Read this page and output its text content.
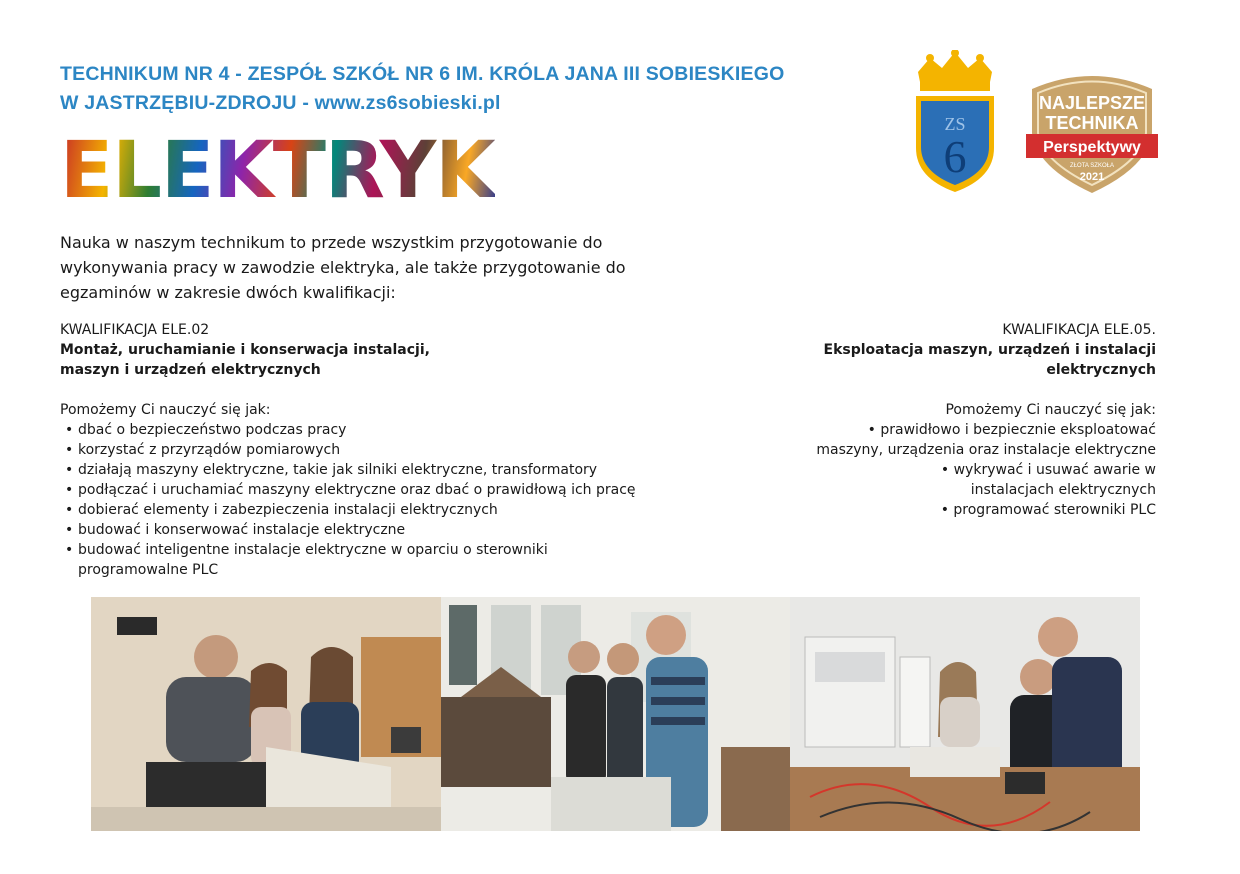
TECHNIKUM NR 4 - ZESPÓŁ SZKÓŁ NR 6 IM. KRÓLA JANA III SOBIESKIEGO
W JASTRZĘBIU-ZDROJU - www.zs6sobieski.pl
ELEKTRYK
ZS
6
NAJLEPSZE
TECHNIKA
Perspektywy
ZŁOTA SZKOŁA
2021
Nauka w naszym technikum to przede wszystkim przygotowanie do wykonywania pracy w zawodzie elektryka, ale także przygotowanie do egzaminów w zakresie dwóch kwalifikacji:
KWALIFIKACJA ELE.02
Montaż, uruchamianie i konserwacja instalacji,
maszyn i urządzeń elektrycznych
Pomożemy Ci nauczyć się jak:
• dbać o bezpieczeństwo podczas pracy
• korzystać z przyrządów pomiarowych
• działają maszyny elektryczne, takie jak silniki elektryczne, transformatory
• podłączać i uruchamiać maszyny elektryczne oraz dbać o prawidłową ich pracę
• dobierać elementy i zabezpieczenia instalacji elektrycznych
• budować i konserwować instalacje elektryczne
• budować inteligentne instalacje elektryczne w oparciu o sterowniki programowalne PLC
KWALIFIKACJA ELE.05.
Eksploatacja maszyn, urządzeń i instalacji
elektrycznych
Pomożemy Ci nauczyć się jak:
• prawidłowo i bezpiecznie eksploatować maszyny, urządzenia oraz instalacje elektryczne
• wykrywać i usuwać awarie w instalacjach elektrycznych
• programować sterowniki PLC
